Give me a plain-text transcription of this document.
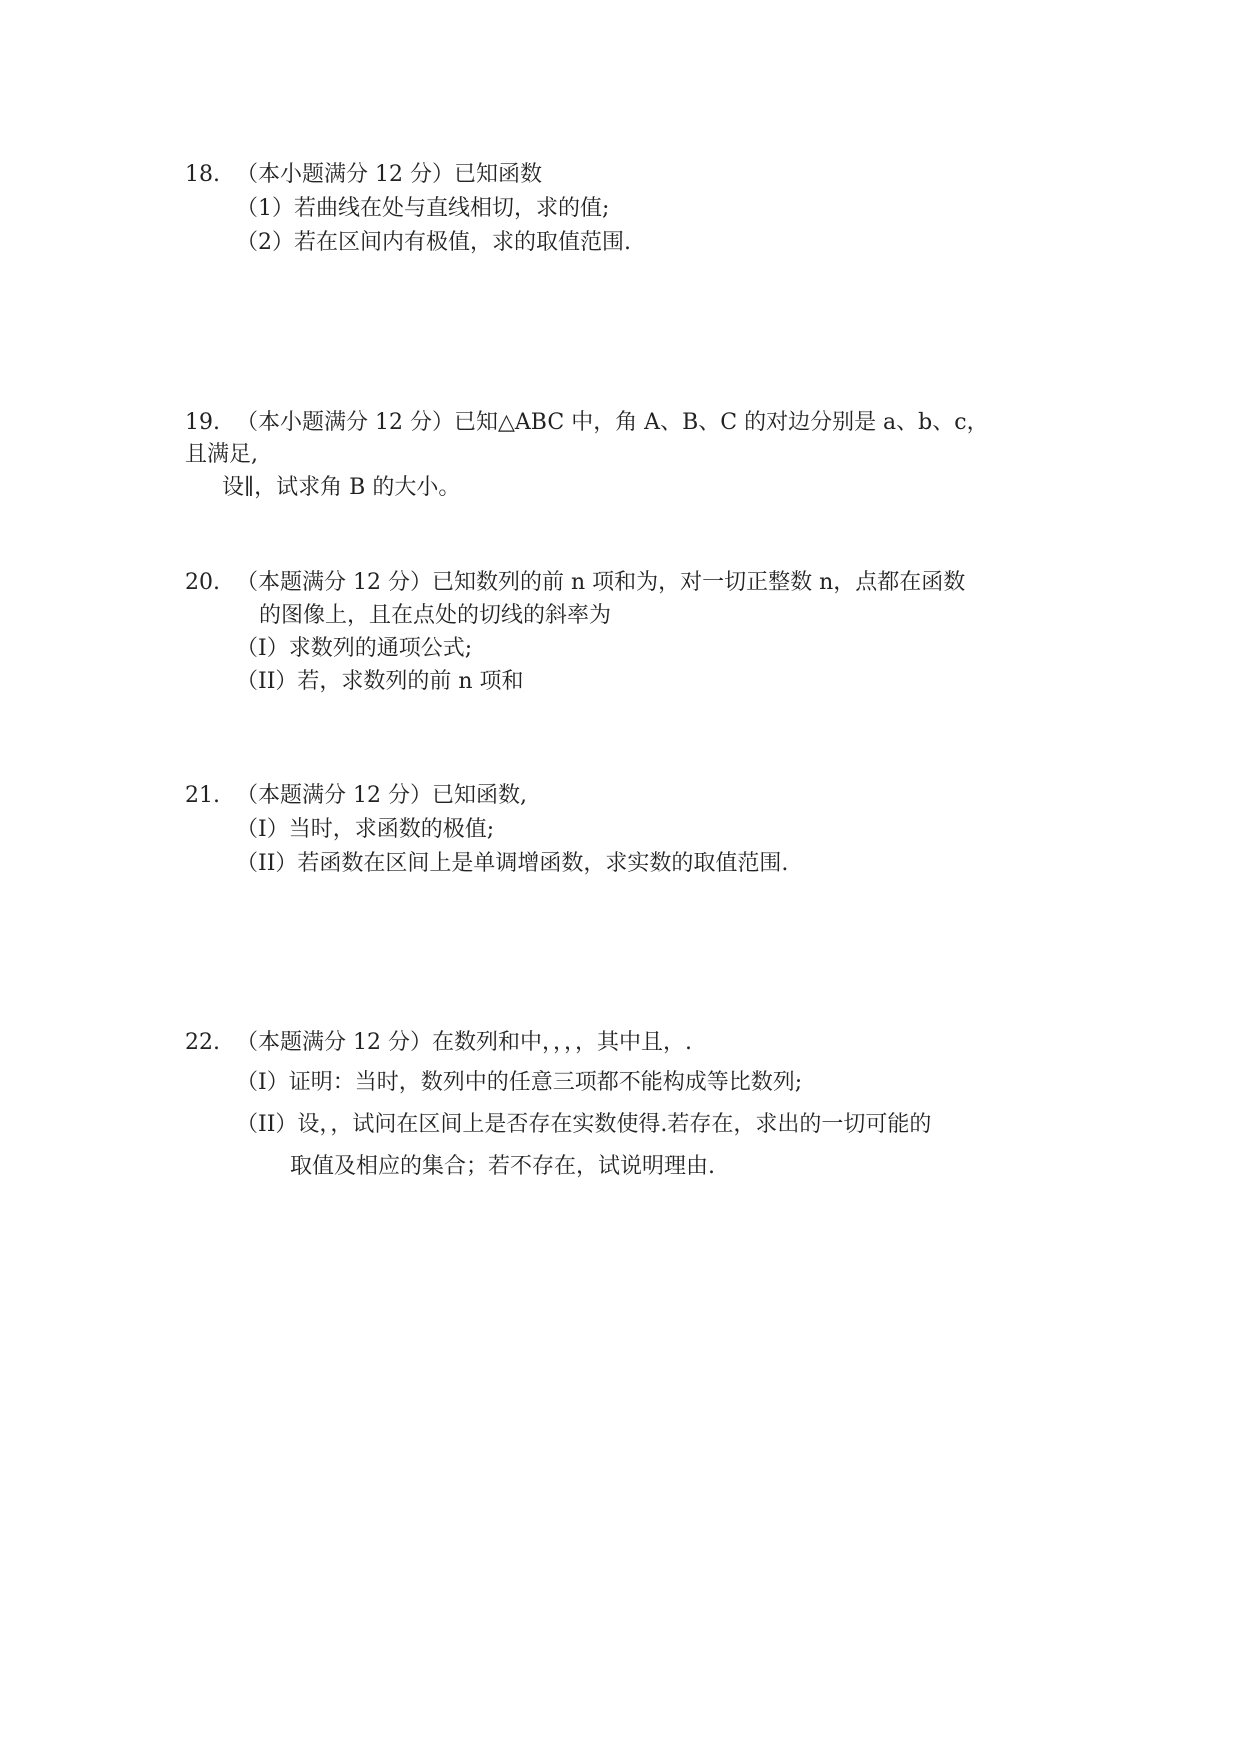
18. （本小题满分 12 分）已知函数
（1）若曲线在处与直线相切，求的值;
（2）若在区间内有极值，求的取值范围.
19. （本小题满分 12 分）已知△ABC 中，角 A、B、C 的对边分别是 a、b、c，
且满足,
设∥，试求角 B 的大小。
20. （本题满分 12 分）已知数列的前 n 项和为，对一切正整数 n，点都在函数
的图像上，且在点处的切线的斜率为
（I）求数列的通项公式;
（II）若，求数列的前 n 项和
21. （本题满分 12 分）已知函数,
（I）当时，求函数的极值;
（II）若函数在区间上是单调增函数，求实数的取值范围.
22. （本题满分 12 分）在数列和中，，，，其中且，.
（Ⅰ）证明：当时，数列中的任意三项都不能构成等比数列;
（II）设，，试问在区间上是否存在实数使得.若存在，求出的一切可能的
取值及相应的集合；若不存在，试说明理由.
